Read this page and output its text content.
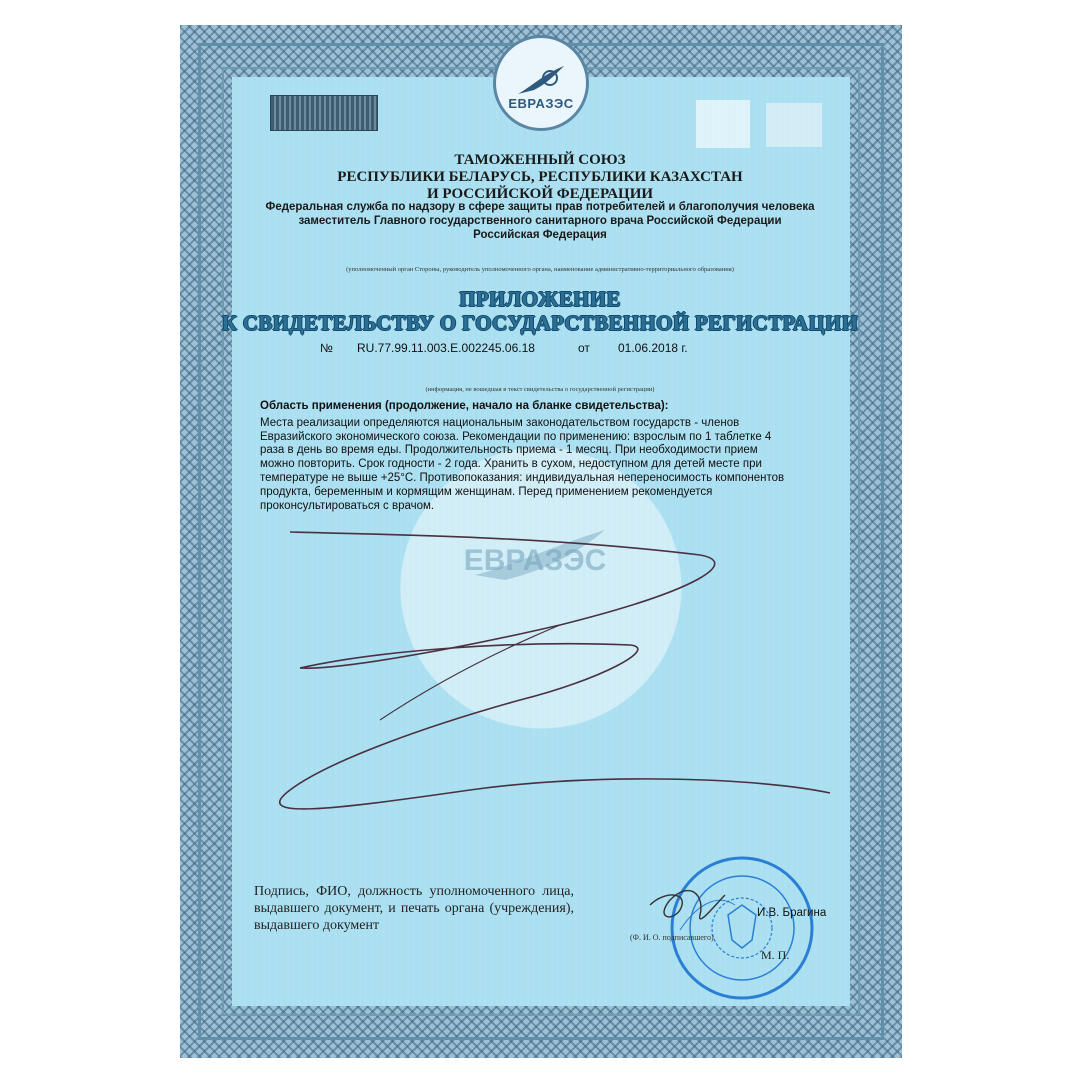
ЕВРАЗЭС
ТАМОЖЕННЫЙ СОЮЗ
РЕСПУБЛИКИ БЕЛАРУСЬ, РЕСПУБЛИКИ КАЗАХСТАН
И РОССИЙСКОЙ ФЕДЕРАЦИИ
Федеральная служба по надзору в сфере защиты прав потребителей и благополучия человека
заместитель Главного государственного санитарного врача Российской Федерации
Российская Федерация
(уполномоченный орган Стороны, руководитель уполномоченного органа, наименование административно-территориального образования)
ПРИЛОЖЕНИЕ
К СВИДЕТЕЛЬСТВУ О ГОСУДАРСТВЕННОЙ РЕГИСТРАЦИИ
№ RU.77.99.11.003.E.002245.06.18	от 01.06.2018 г.
(информация, не вошедшая в текст свидетельства о государственной регистрации)
ЕВРАЗЭС
Область применения (продолжение, начало на бланке свидетельства):
Места реализации определяются национальным законодательством государств - членов
Евразийского экономического союза. Рекомендации по применению: взрослым по 1 таблетке 4
раза в день во время еды. Продолжительность приема - 1 месяц. При необходимости прием
можно повторить. Срок годности - 2 года. Хранить в сухом, недоступном для детей месте при
температуре не выше +25°С. Противопоказания: индивидуальная непереносимость компонентов
продукта, беременным и кормящим женщинам. Перед применением рекомендуется
проконсультироваться с врачом.
Подпись, ФИО, должность уполномоченного лица, выдавшего документ, и печать органа (учреждения), выдавшего документ
И.В. Брагина
(Ф. И. О. подписавшего)
М. П.
